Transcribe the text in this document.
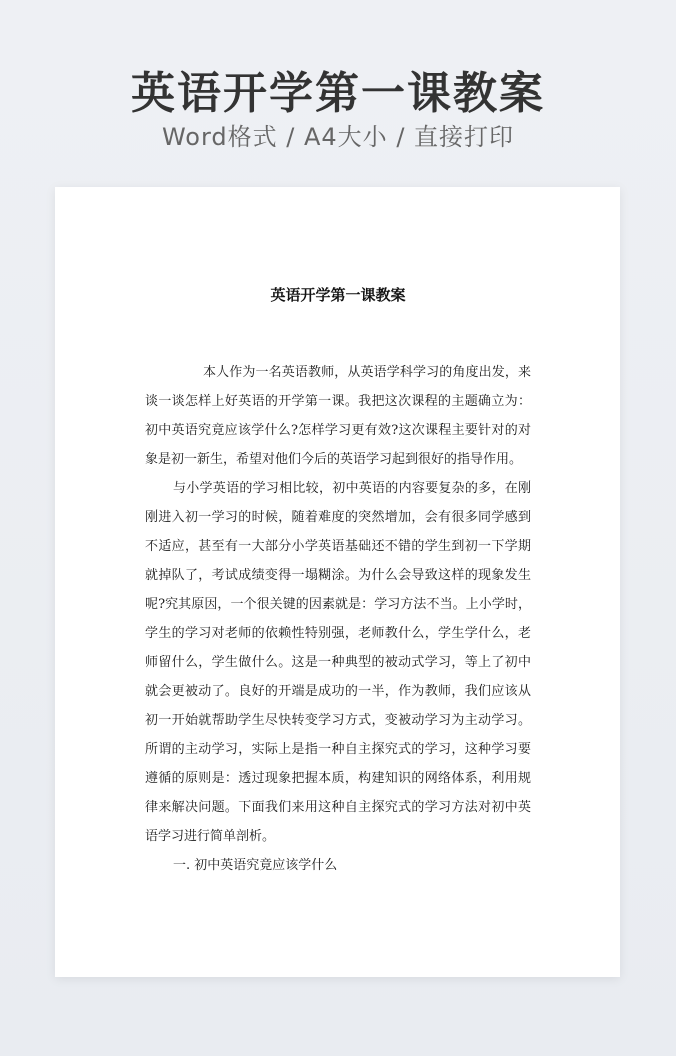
英语开学第一课教案
Word格式 / A4大小 / 直接打印
英语开学第一课教案

本人作为一名英语教师，从英语学科学习的角度出发，来谈一谈怎样上好英语的开学第一课。我把这次课程的主题确立为：初中英语究竟应该学什么?怎样学习更有效?这次课程主要针对的对象是初一新生，希望对他们今后的英语学习起到很好的指导作用。

与小学英语的学习相比较，初中英语的内容要复杂的多，在刚刚进入初一学习的时候，随着难度的突然增加，会有很多同学感到不适应，甚至有一大部分小学英语基础还不错的学生到初一下学期就掉队了，考试成绩变得一塌糊涂。为什么会导致这样的现象发生呢?究其原因，一个很关键的因素就是：学习方法不当。上小学时，学生的学习对老师的依赖性特别强，老师教什么，学生学什么，老师留什么，学生做什么。这是一种典型的被动式学习，等上了初中就会更被动了。良好的开端是成功的一半，作为教师，我们应该从初一开始就帮助学生尽快转变学习方式，变被动学习为主动学习。所谓的主动学习，实际上是指一种自主探究式的学习，这种学习要遵循的原则是：透过现象把握本质，构建知识的网络体系，利用规律来解决问题。下面我们来用这种自主探究式的学习方法对初中英语学习进行简单剖析。

一. 初中英语究竟应该学什么
